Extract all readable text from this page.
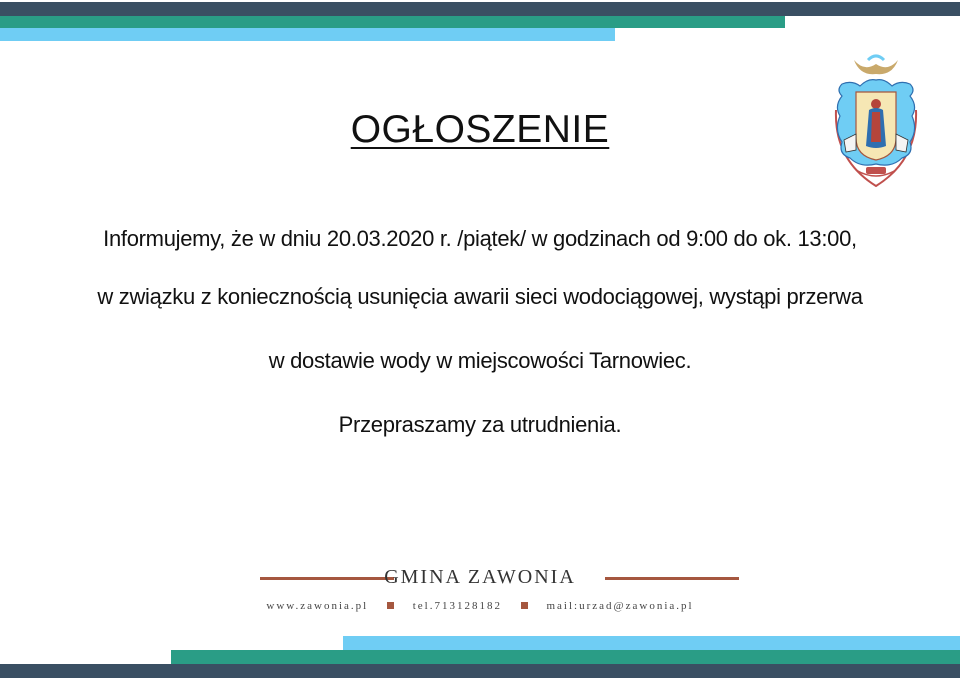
OGŁOSZENIE
Informujemy, że w dniu 20.03.2020 r. /piątek/ w godzinach od 9:00 do ok. 13:00,
w związku z koniecznością usunięcia awarii sieci wodociągowej, wystąpi przerwa
w dostawie wody w miejscowości Tarnowiec.
Przepraszamy za utrudnienia.
GMINA ZAWONIA
www.zawonia.pl	tel.713128182	mail:urzad@zawonia.pl
